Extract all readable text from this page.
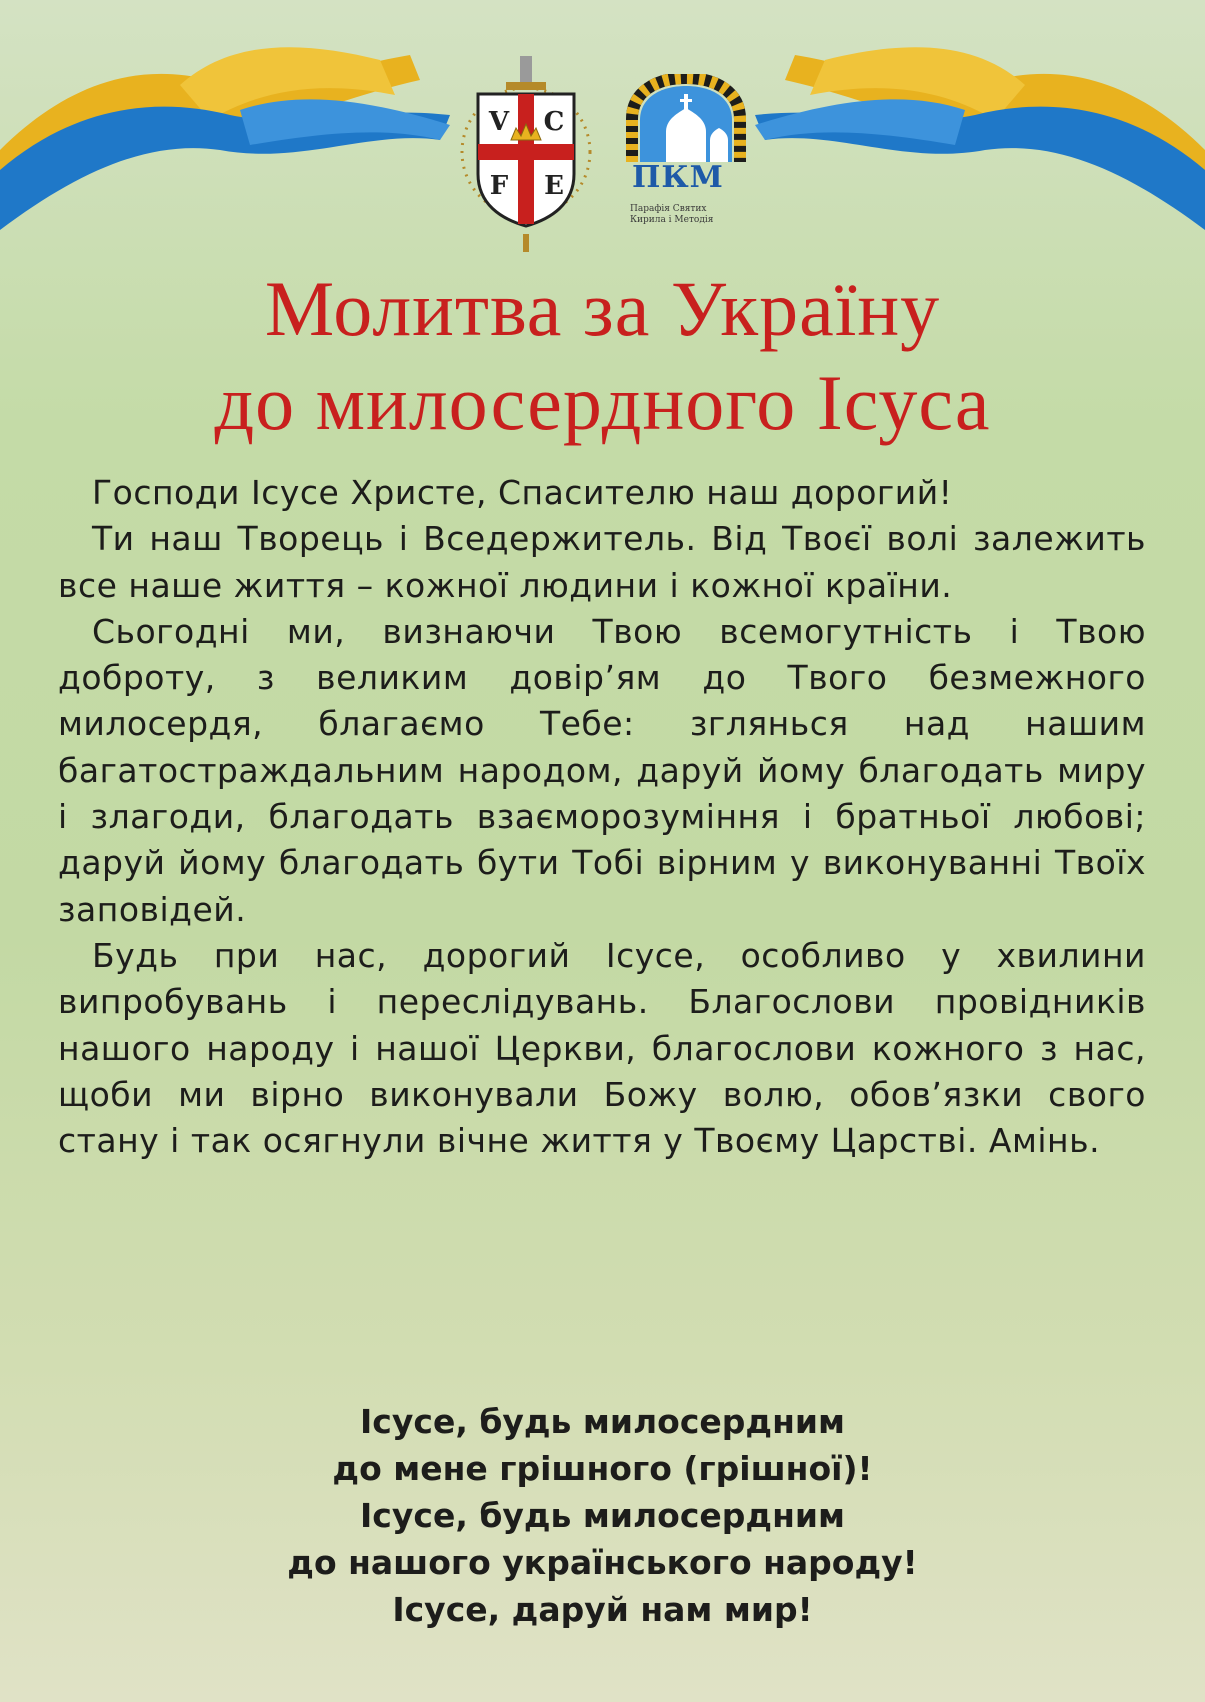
V C
F E ПКМ
Парафія Святих
Кирила і Методія
Молитва за Україну
до милосердного Ісуса

Господи Ісусе Христе, Спасителю наш дорогий!

Ти наш Творець і Вседержитель. Від Твоєї волі залежить все наше життя – кожної людини і кожної країни.

Сьогодні ми, визнаючи Твою всемогутність і Твою доброту, з великим довір’ям до Твого безмежного милосердя, благаємо Тебе: зглянься над нашим багатостраждальним народом, даруй йому благодать миру і злагоди, благодать взаєморозуміння і братньої любові; даруй йому благодать бути Тобі вірним у виконуванні Твоїх заповідей.

Будь при нас, дорогий Ісусе, особливо у хвилини випробувань і переслідувань. Благослови провідників нашого народу і нашої Церкви, благослови кожного з нас, щоби ми вірно виконували Божу волю, обов’язки свого стану і так осягнули вічне життя у Твоєму Царстві. Амінь.

Ісусе, будь милосердним
до мене грішного (грішної)!
Ісусе, будь милосердним
до нашого українського народу!
Ісусе, даруй нам мир!
